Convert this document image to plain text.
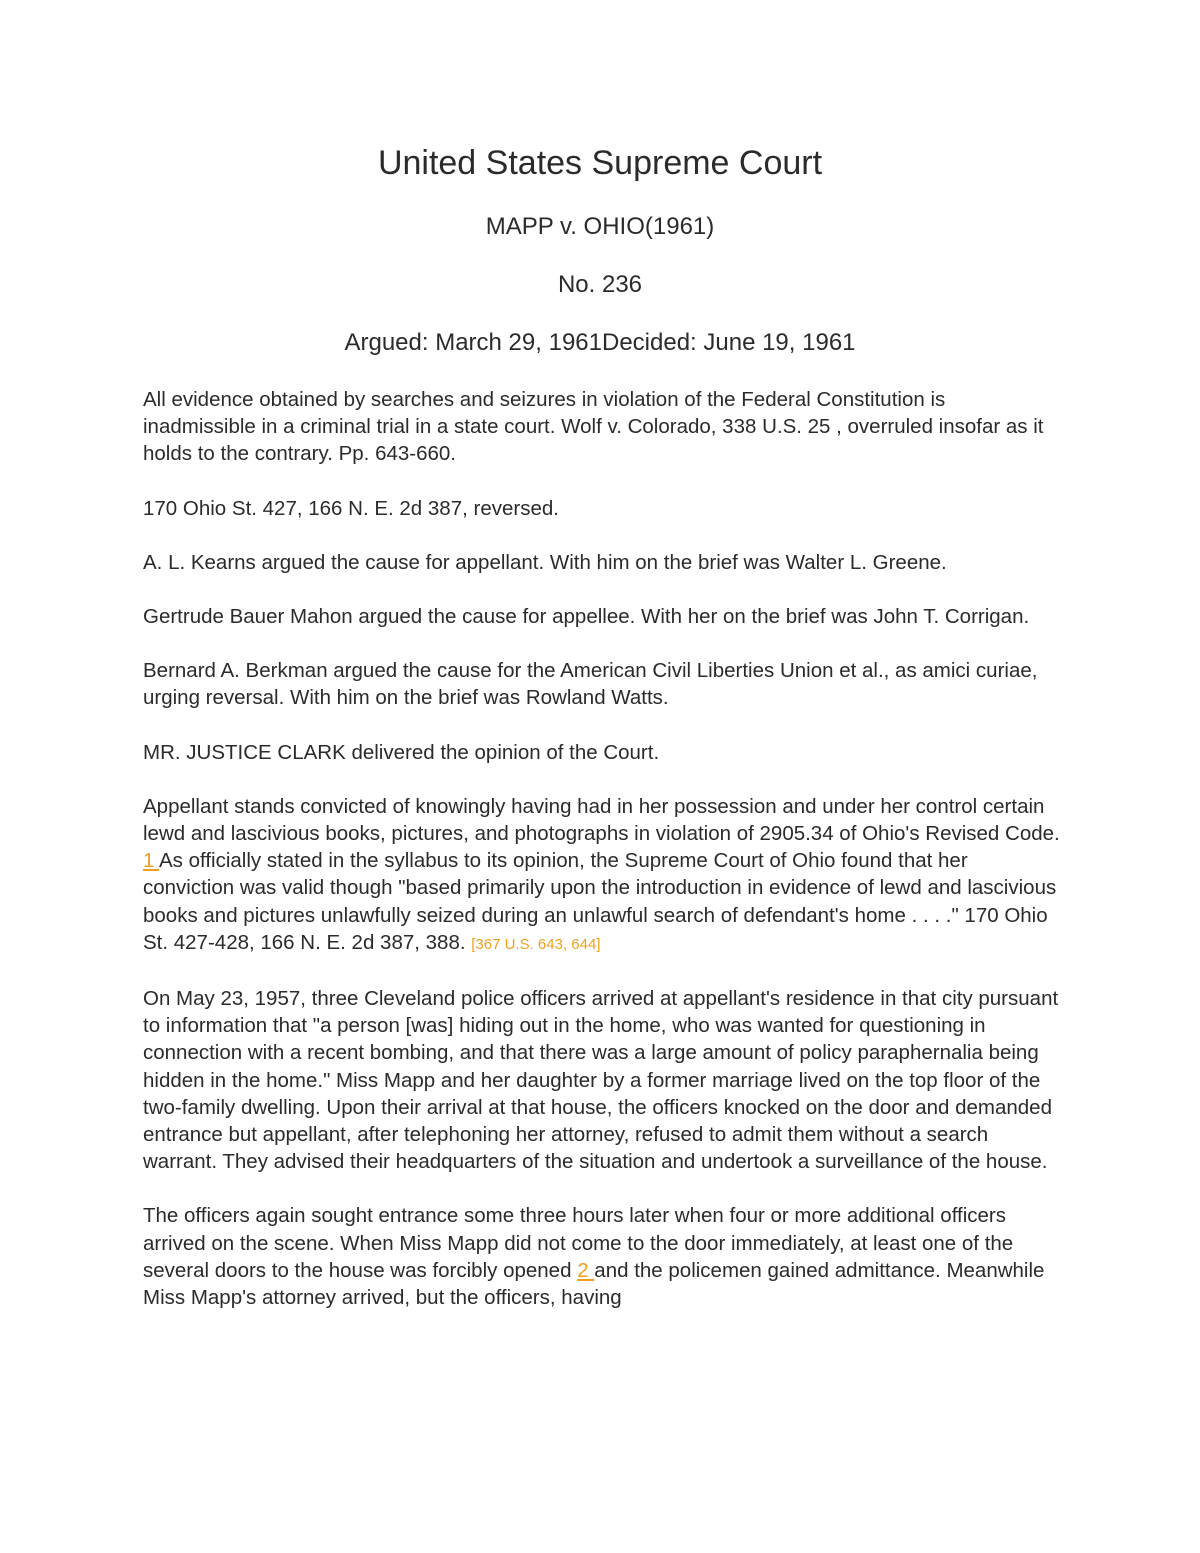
United States Supreme Court
MAPP v. OHIO(1961)
No. 236
Argued: March 29, 1961Decided: June 19, 1961

All evidence obtained by searches and seizures in violation of the Federal Constitution is inadmissible in a criminal trial in a state court. Wolf v. Colorado, 338 U.S. 25 , overruled insofar as it holds to the contrary. Pp. 643-660.

170 Ohio St. 427, 166 N. E. 2d 387, reversed.

A. L. Kearns argued the cause for appellant. With him on the brief was Walter L. Greene.

Gertrude Bauer Mahon argued the cause for appellee. With her on the brief was John T. Corrigan.

Bernard A. Berkman argued the cause for the American Civil Liberties Union et al., as amici curiae, urging reversal. With him on the brief was Rowland Watts.

MR. JUSTICE CLARK delivered the opinion of the Court.

Appellant stands convicted of knowingly having had in her possession and under her control certain lewd and lascivious books, pictures, and photographs in violation of 2905.34 of Ohio's Revised Code. 1 As officially stated in the syllabus to its opinion, the Supreme Court of Ohio found that her conviction was valid though "based primarily upon the introduction in evidence of lewd and lascivious books and pictures unlawfully seized during an unlawful search of defendant's home . . . ." 170 Ohio St. 427-428, 166 N. E. 2d 387, 388. [367 U.S. 643, 644]

On May 23, 1957, three Cleveland police officers arrived at appellant's residence in that city pursuant to information that "a person [was] hiding out in the home, who was wanted for questioning in connection with a recent bombing, and that there was a large amount of policy paraphernalia being hidden in the home." Miss Mapp and her daughter by a former marriage lived on the top floor of the two-family dwelling. Upon their arrival at that house, the officers knocked on the door and demanded entrance but appellant, after telephoning her attorney, refused to admit them without a search warrant. They advised their headquarters of the situation and undertook a surveillance of the house.

The officers again sought entrance some three hours later when four or more additional officers arrived on the scene. When Miss Mapp did not come to the door immediately, at least one of the several doors to the house was forcibly opened 2 and the policemen gained admittance. Meanwhile Miss Mapp's attorney arrived, but the officers, having
